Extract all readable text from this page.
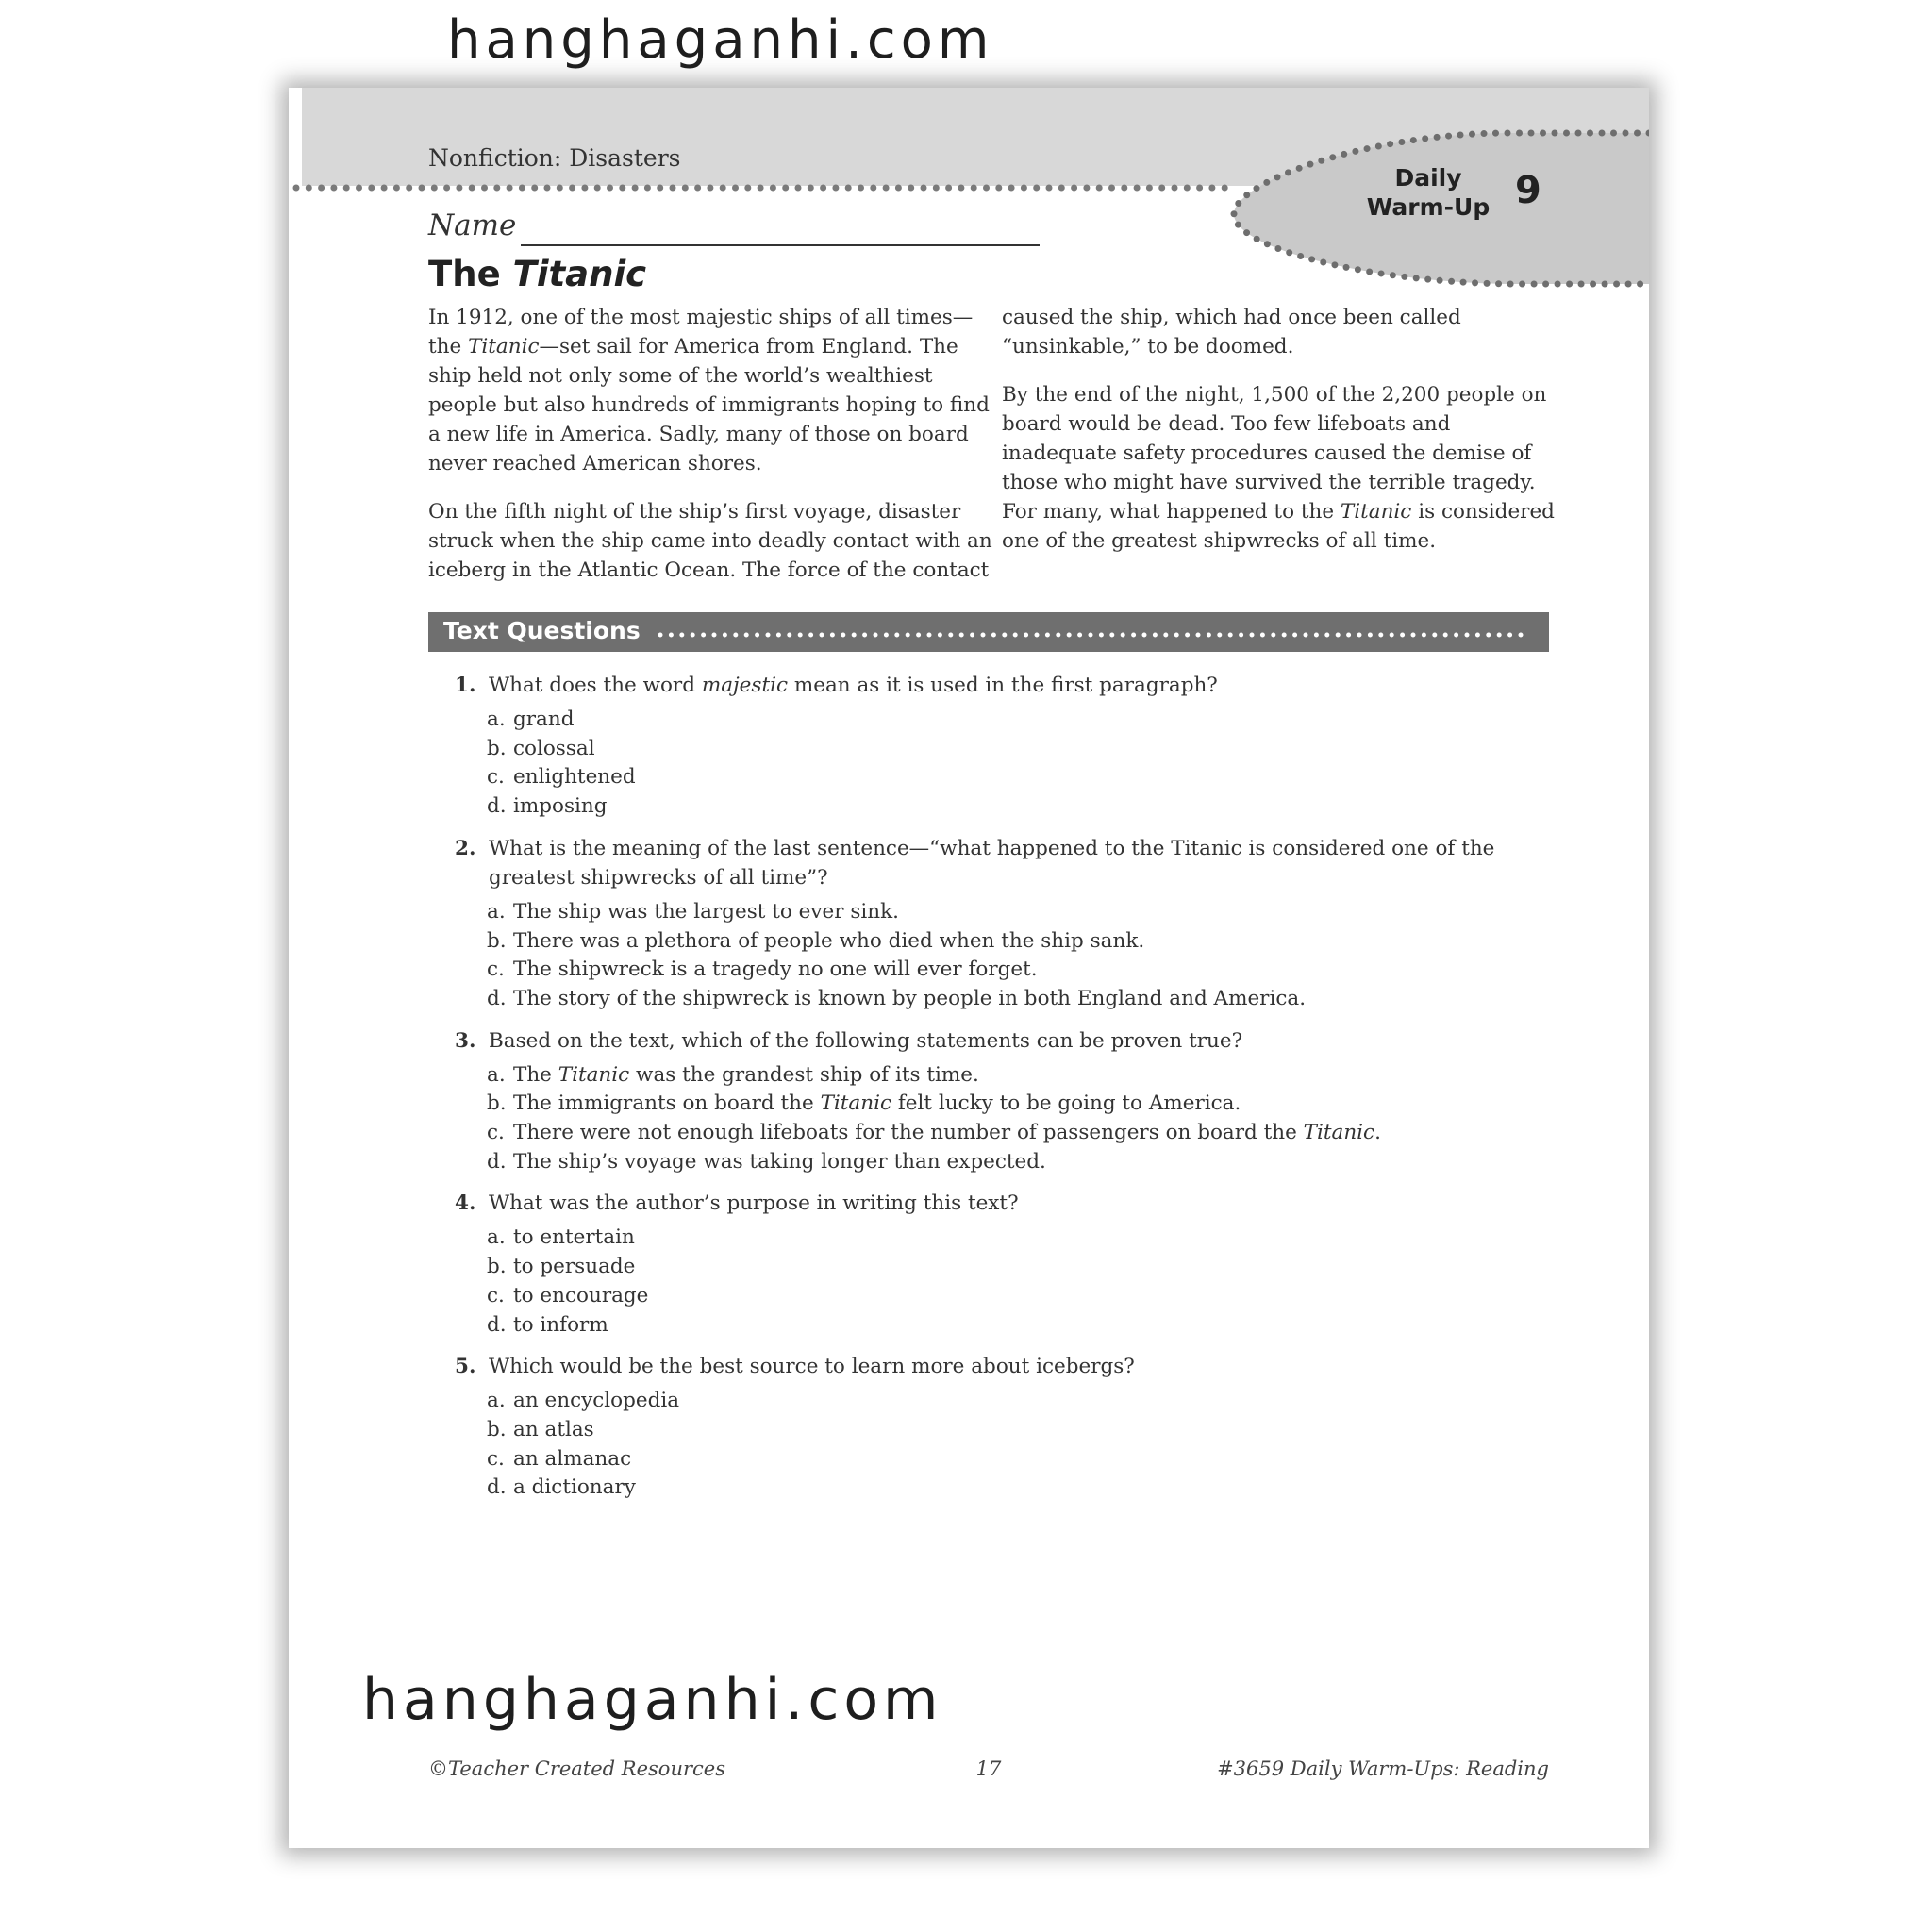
Nonfiction: Disasters
Daily
Warm-Up 9
Name
The Titanic

In 1912, one of the most majestic ships of all times—the Titanic—set sail for America from England. The ship held not only some of the world’s wealthiest people but also hundreds of immigrants hoping to find a new life in America. Sadly, many of those on board never reached American shores.

On the fifth night of the ship’s first voyage, disaster struck when the ship came into deadly contact with an iceberg in the Atlantic Ocean. The force of the contact

caused the ship, which had once been called “unsinkable,” to be doomed.

By the end of the night, 1,500 of the 2,200 people on board would be dead. Too few lifeboats and inadequate safety procedures caused the demise of those who might have survived the terrible tragedy. For many, what happened to the Titanic is considered one of the greatest shipwrecks of all time.

Text Questions
1. What does the word majestic mean as it is used in the first paragraph?
a. grand
b. colossal
c. enlightened
d. imposing
2. What is the meaning of the last sentence—“what happened to the Titanic is considered one of the greatest shipwrecks of all time”?
a. The ship was the largest to ever sink.
b. There was a plethora of people who died when the ship sank.
c. The shipwreck is a tragedy no one will ever forget.
d. The story of the shipwreck is known by people in both England and America.
3. Based on the text, which of the following statements can be proven true?
a. The Titanic was the grandest ship of its time.
b. The immigrants on board the Titanic felt lucky to be going to America.
c. There were not enough lifeboats for the number of passengers on board the Titanic.
d. The ship’s voyage was taking longer than expected.
4. What was the author’s purpose in writing this text?
a. to entertain
b. to persuade
c. to encourage
d. to inform
5. Which would be the best source to learn more about icebergs?
a. an encyclopedia
b. an atlas
c. an almanac
d. a dictionary
©Teacher Created Resources	17	#3659 Daily Warm-Ups: Reading
hanghaganhi.com
hanghaganhi.com
